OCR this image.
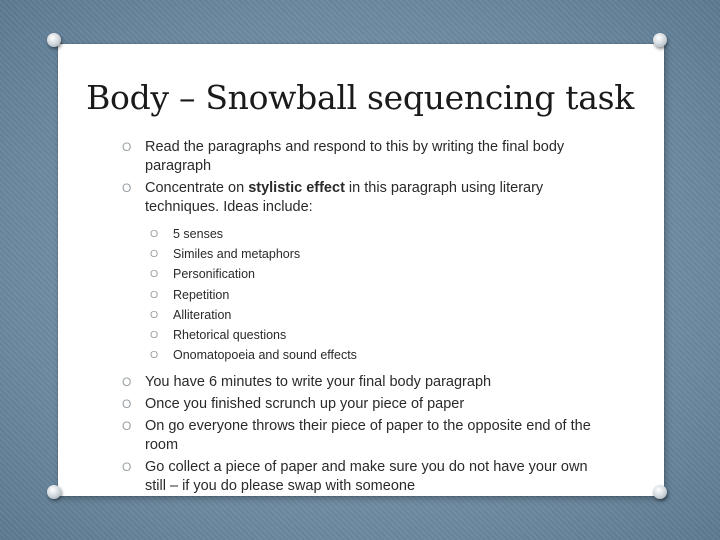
Body – Snowball sequencing task
O Read the paragraphs and respond to this by writing the final body paragraph
O Concentrate on stylistic effect in this paragraph using literary techniques. Ideas include:
O 5 senses
O Similes and metaphors
O Personification
O Repetition
O Alliteration
O Rhetorical questions
O Onomatopoeia and sound effects
O You have 6 minutes to write your final body paragraph
O Once you finished scrunch up your piece of paper
O On go everyone throws their piece of paper to the opposite end of the room
O Go collect a piece of paper and make sure you do not have your own still – if you do please swap with someone
